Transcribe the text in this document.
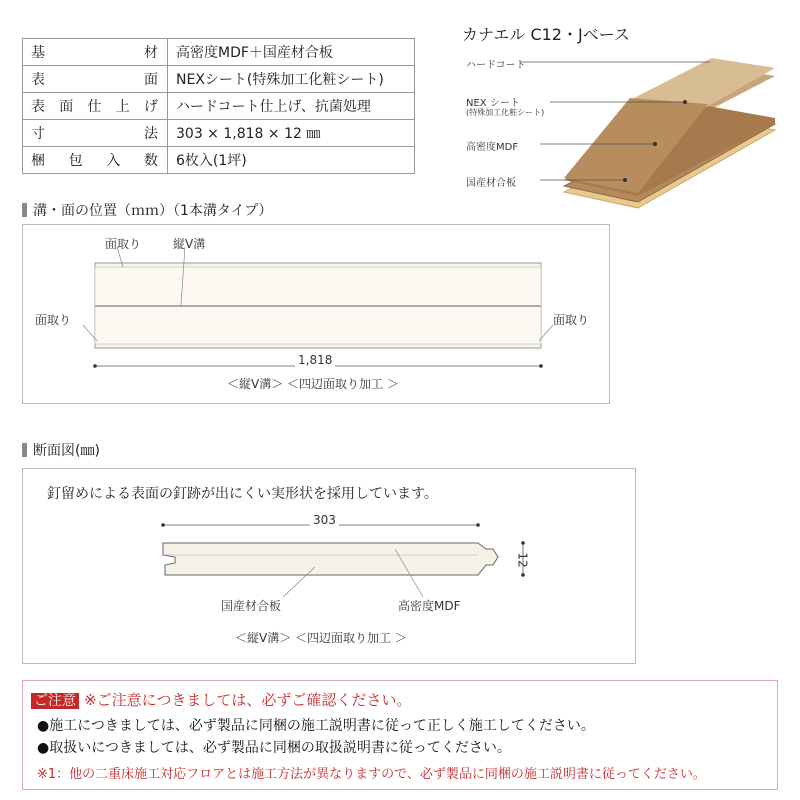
基 材	高密度MDF＋国産材合板

表 面	NEXシート(特殊加工化粧シート)

表 面 仕 上 げ	ハードコート仕上げ、抗菌処理

寸 法	303 × 1,818 × 12 ㎜

梱 包 入 数	6枚入(1坪)
カナエル C12・Jベース
ハードコート
NEX シート
(特殊加工化粧シート)
高密度MDF
国産材合板
溝・面の位置（ｍｍ）（1本溝タイプ）
面取り	縦V溝
面取り	面取り
1,818
＜縦V溝＞ ＜四辺面取り加工 ＞
断面図(㎜)
釘留めによる表面の釘跡が出にくい実形状を採用しています。
303
12
国産材合板	高密度MDF
＜縦V溝＞ ＜四辺面取り加工 ＞
ご注意 ※ご注意につきましては、必ずご確認ください。
●施工につきましては、必ず製品に同梱の施工説明書に従って正しく施工してください。
●取扱いにつきましては、必ず製品に同梱の取扱説明書に従ってください。
※1：他の二重床施工対応フロアとは施工方法が異なりますので、必ず製品に同梱の施工説明書に従ってください。
